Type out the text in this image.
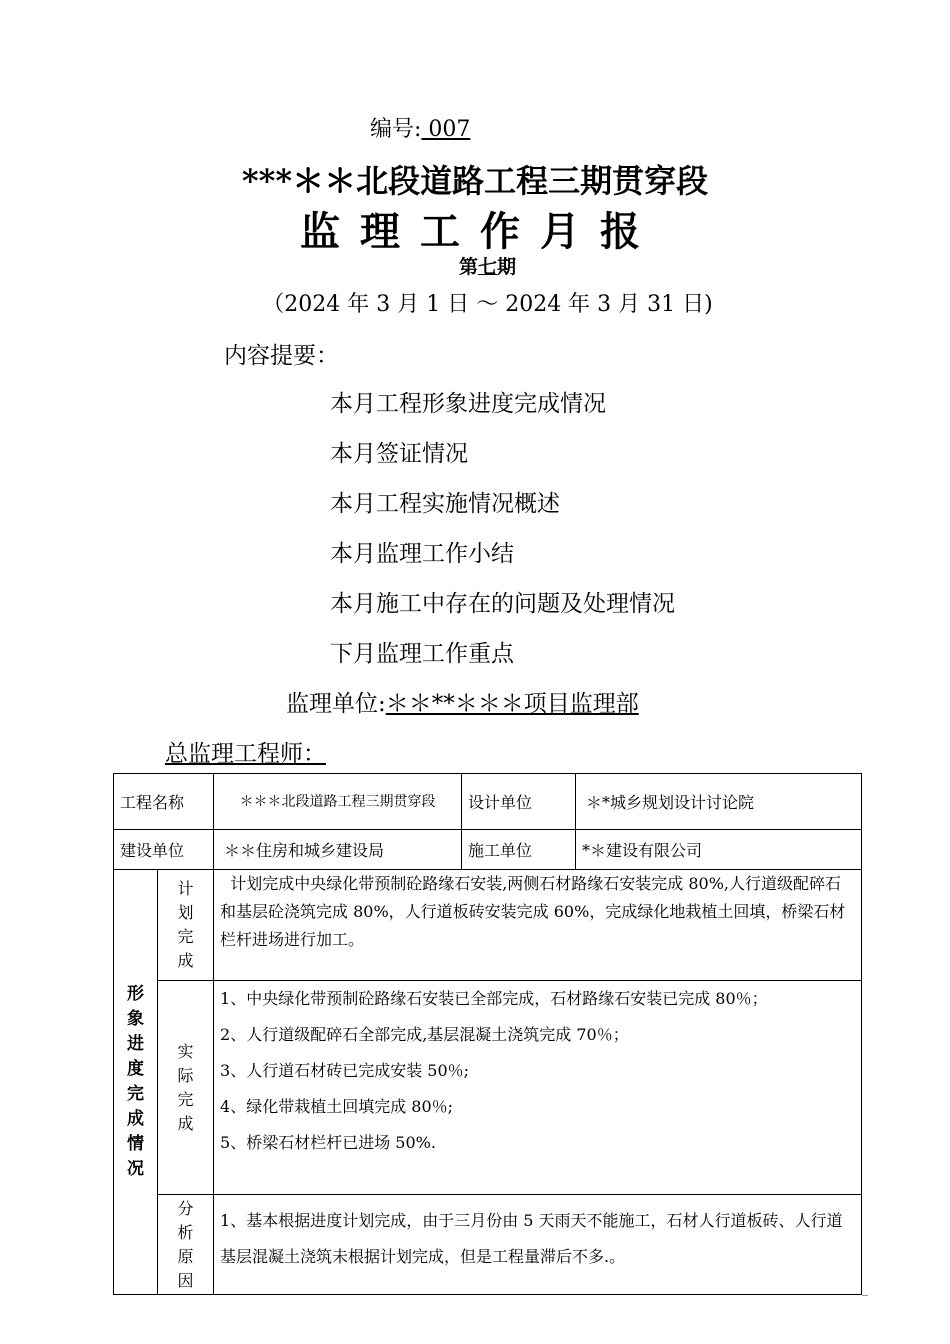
编号: 007
***＊＊北段道路工程三期贯穿段
监理工作月报
第七期
（2024 年 3 月 1 日 ～ 2024 年 3 月 31 日)
内容提要：
本月工程形象进度完成情况
本月签证情况
本月工程实施情况概述
本月监理工作小结
本月施工中存在的问题及处理情况
下月监理工作重点
监理单位:＊＊**＊＊＊项目监理部
总监理工程师：
工程名称		＊＊＊北段道路工程三期贯穿段	设计单位	＊*城乡规划设计讨论院
建设单位		＊＊住房和城乡建设局	施工单位	*＊建设有限公司

形象进度完成情况	计划完成	计划完成中央绿化带预制砼路缘石安装,两侧石材路缘石安装完成 80%,人行道级配碎石和基层砼浇筑完成 80%，人行道板砖安装完成 60%，完成绿化地栽植土回填，桥梁石材栏杆进场进行加工。		

	实际完成	1、中央绿化带预制砼路缘石安装已全部完成，石材路缘石安装已完成 80％；

2、人行道级配碎石全部完成,基层混凝土浇筑完成 70％；

3、人行道石材砖已完成安装 50％;

4、绿化带栽植土回填完成 80％;

5、桥梁石材栏杆已进场 50%.		

	分析原因	1、基本根据进度计划完成，由于三月份由 5 天雨天不能施工，石材人行道板砖、人行道基层混凝土浇筑未根据计划完成，但是工程量滞后不多.。		
